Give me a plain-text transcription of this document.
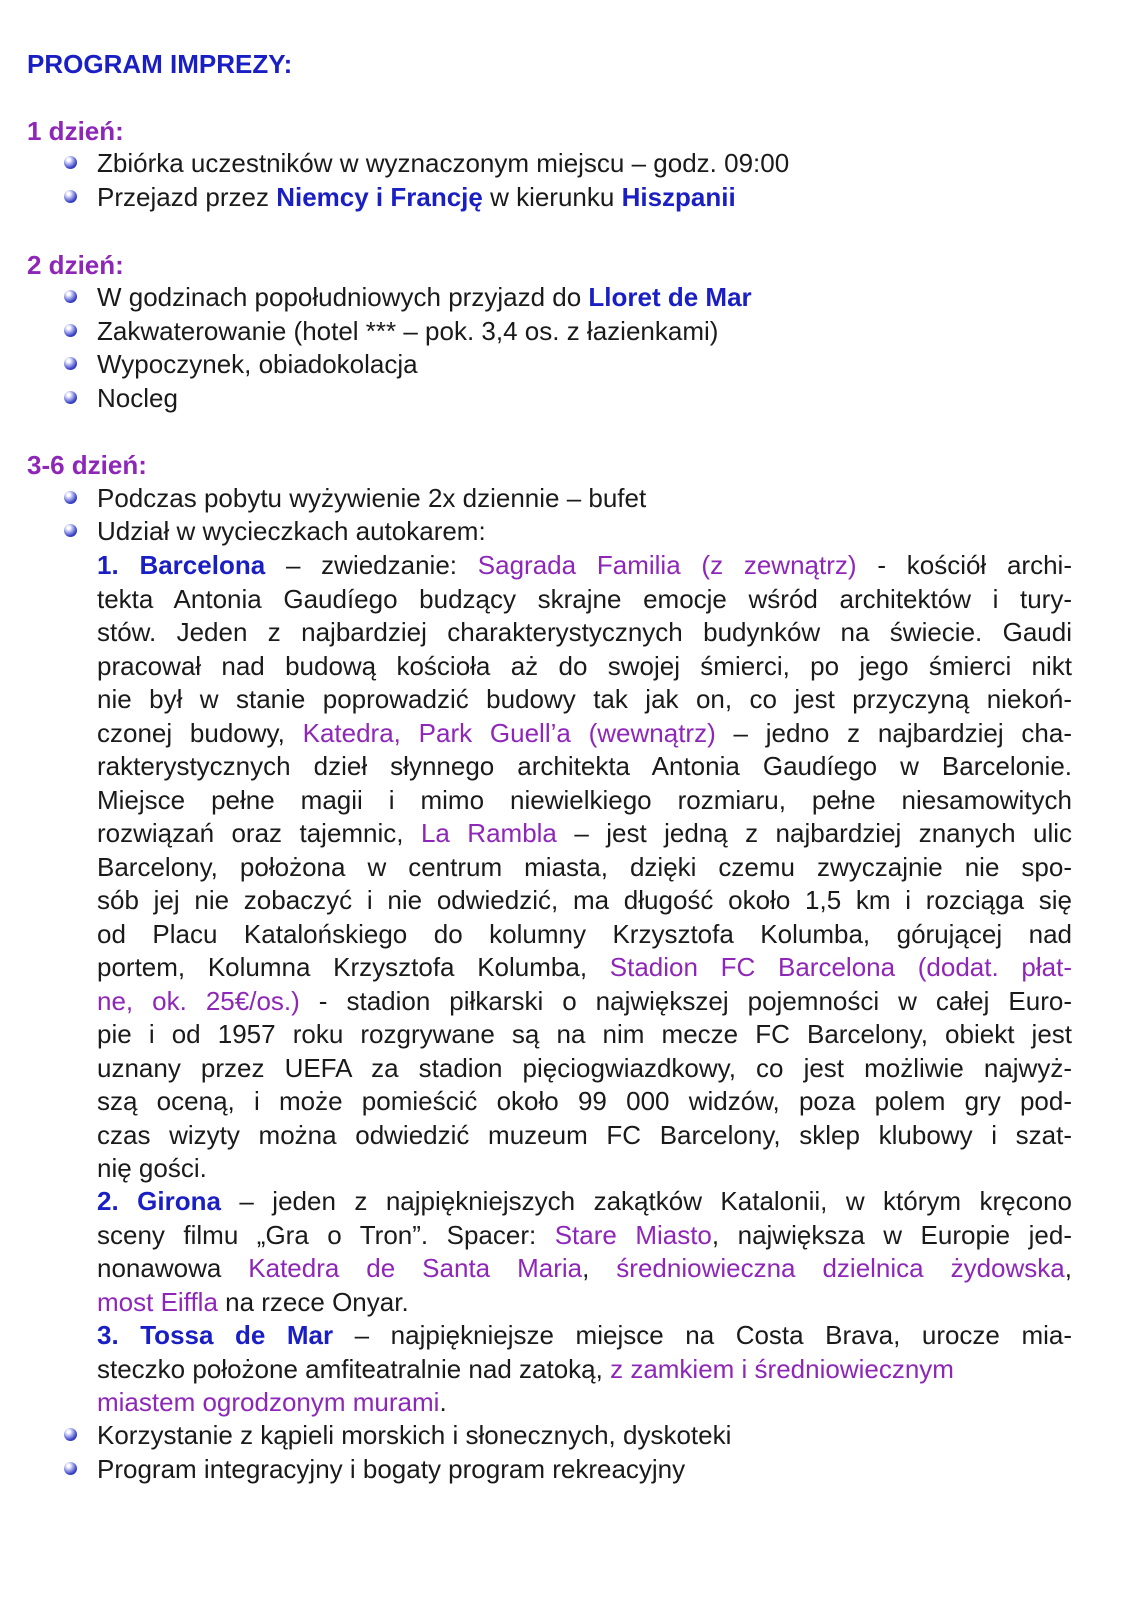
PROGRAM IMPREZY:
1 dzień:
Zbiórka uczestników w wyznaczonym miejscu – godz. 09:00
Przejazd przez Niemcy i Francję w kierunku Hiszpanii
2 dzień:
W godzinach popołudniowych przyjazd do Lloret de Mar
Zakwaterowanie (hotel *** – pok. 3,4 os. z łazienkami)
Wypoczynek, obiadokolacja
Nocleg
3-6 dzień:
Podczas pobytu wyżywienie 2x dziennie – bufet
Udział w wycieczkach autokarem:
1. Barcelona – zwiedzanie: Sagrada Familia (z zewnątrz) - kościół archi-
tekta Antonia Gaudíego budzący skrajne emocje wśród architektów i tury-
stów. Jeden z najbardziej charakterystycznych budynków na świecie. Gaudi
pracował nad budową kościoła aż do swojej śmierci, po jego śmierci nikt
nie był w stanie poprowadzić budowy tak jak on, co jest przyczyną niekoń-
czonej budowy, Katedra, Park Guell’a (wewnątrz) – jedno z najbardziej cha-
rakterystycznych dzieł słynnego architekta Antonia Gaudíego w Barcelonie.
Miejsce pełne magii i mimo niewielkiego rozmiaru, pełne niesamowitych
rozwiązań oraz tajemnic, La Rambla – jest jedną z najbardziej znanych ulic
Barcelony, położona w centrum miasta, dzięki czemu zwyczajnie nie spo-
sób jej nie zobaczyć i nie odwiedzić, ma długość około 1,5 km i rozciąga się
od Placu Katalońskiego do kolumny Krzysztofa Kolumba, górującej nad
portem, Kolumna Krzysztofa Kolumba, Stadion FC Barcelona (dodat. płat-
ne, ok. 25€/os.) - stadion piłkarski o największej pojemności w całej Euro-
pie i od 1957 roku rozgrywane są na nim mecze FC Barcelony, obiekt jest
uznany przez UEFA za stadion pięciogwiazdkowy, co jest możliwie najwyż-
szą oceną, i może pomieścić około 99 000 widzów, poza polem gry pod-
czas wizyty można odwiedzić muzeum FC Barcelony, sklep klubowy i szat-
nię gości.
2. Girona – jeden z najpiękniejszych zakątków Katalonii, w którym kręcono
sceny filmu „Gra o Tron”. Spacer: Stare Miasto, największa w Europie jed-
nonawowa Katedra de Santa Maria, średniowieczna dzielnica żydowska,
most Eiffla na rzece Onyar.
3. Tossa de Mar – najpiękniejsze miejsce na Costa Brava, urocze mia-
steczko położone amfiteatralnie nad zatoką, z zamkiem i średniowiecznym
miastem ogrodzonym murami.
Korzystanie z kąpieli morskich i słonecznych, dyskoteki
Program integracyjny i bogaty program rekreacyjny
